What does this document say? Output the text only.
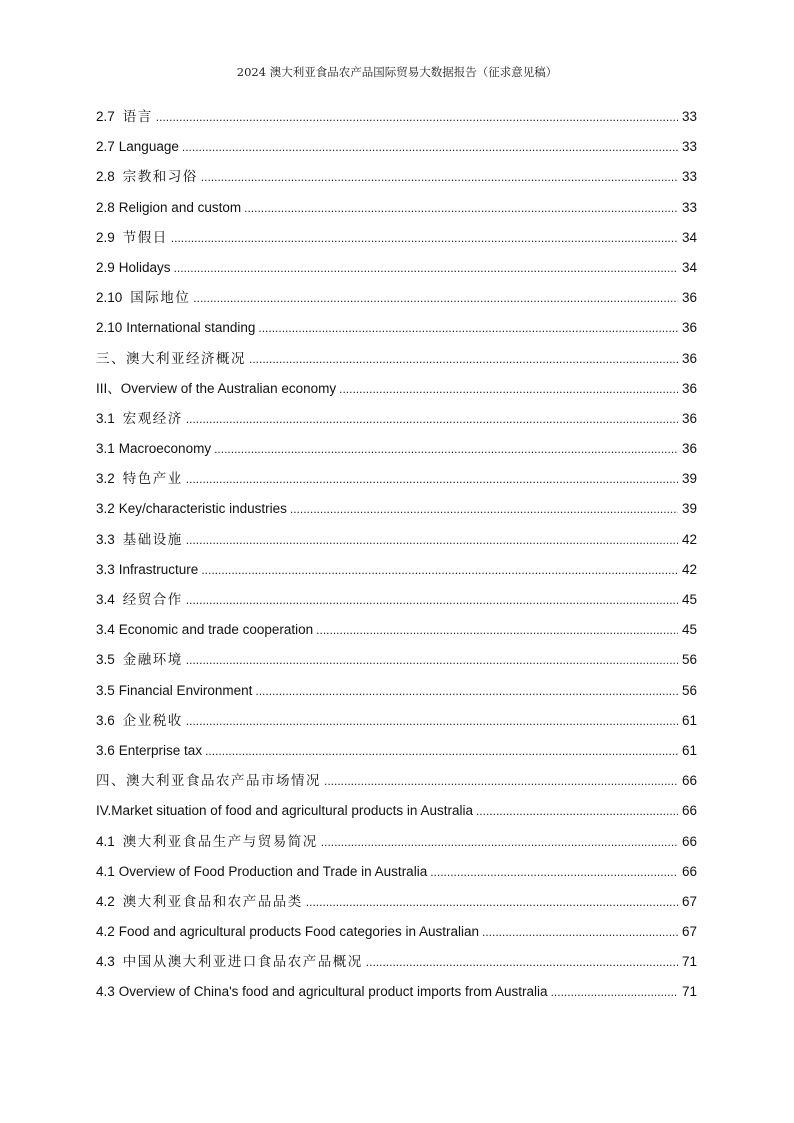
2024 澳大利亚食品农产品国际贸易大数据报告（征求意见稿）
2.7 语言 .....	33
2.7 Language .....	33
2.8 宗教和习俗 .....	33
2.8 Religion and custom .....	33
2.9 节假日 .....	34
2.9 Holidays .....	34
2.10 国际地位 .....	36
2.10 International standing .....	36
三、澳大利亚经济概况 .....	36
III、Overview of the Australian economy .....	36
3.1 宏观经济 .....	36
3.1 Macroeconomy .....	36
3.2 特色产业 .....	39
3.2 Key/characteristic industries .....	39
3.3 基础设施 .....	42
3.3 Infrastructure .....	42
3.4 经贸合作 .....	45
3.4 Economic and trade cooperation .....	45
3.5 金融环境 .....	56
3.5 Financial Environment .....	56
3.6 企业税收 .....	61
3.6 Enterprise tax .....	61
四、澳大利亚食品农产品市场情况 .....	66
IV.Market situation of food and agricultural products in Australia .....	66
4.1 澳大利亚食品生产与贸易简况 .....	66
4.1 Overview of Food Production and Trade in Australia .....	66
4.2 澳大利亚食品和农产品品类 .....	67
4.2 Food and agricultural products Food categories in Australian .....	67
4.3 中国从澳大利亚进口食品农产品概况 .....	71
4.3 Overview of China's food and agricultural product imports from Australia .....	71
